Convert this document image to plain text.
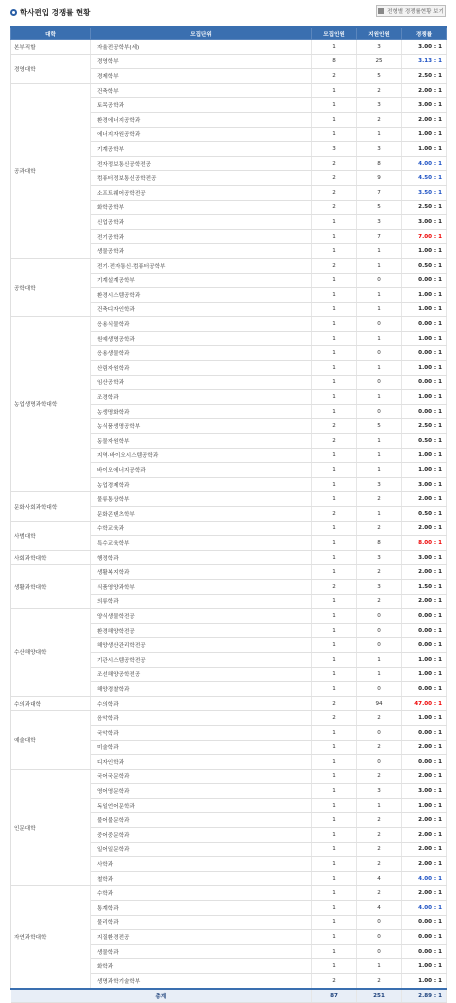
학사편입 경쟁률 현황	전형별 경쟁률현황 보기
대학	모집단위	모집인원	지원인원	경쟁률
본부직할	자율전공학부(세)	1	3	3.00 : 1
경영대학	경영학부	8	25	3.13 : 1
	경제학부	2	5	2.50 : 1
공과대학	건축학부	1	2	2.00 : 1
	토목공학과	1	3	3.00 : 1
	환경에너지공학과	1	2	2.00 : 1
	에너지자원공학과	1	1	1.00 : 1
	기계공학부	3	3	1.00 : 1
	전자정보통신공학전공	2	8	4.00 : 1
	컴퓨터정보통신공학전공	2	9	4.50 : 1
	소프트웨어공학전공	2	7	3.50 : 1
	화학공학부	2	5	2.50 : 1
	신업공학과	1	3	3.00 : 1
	전기공학과	1	7	7.00 : 1
	생물공학과	1	1	1.00 : 1
공학대학	전기·전자통신·컴퓨터공학부	2	1	0.50 : 1
	기계설계공학부	1	0	0.00 : 1
	환경시스템공학과	1	1	1.00 : 1
	건축디자인학과	1	1	1.00 : 1
농업생명과학대학	응용식물학과	1	0	0.00 : 1
	원예생명공학과	1	1	1.00 : 1
	응용생물학과	1	0	0.00 : 1
	산림자원학과	1	1	1.00 : 1
	임산공학과	1	0	0.00 : 1
	조경학과	1	1	1.00 : 1
	농생명화학과	1	0	0.00 : 1
	농식품생명공학부	2	5	2.50 : 1
	동물자원학부	2	1	0.50 : 1
	지역·바이오시스템공학과	1	1	1.00 : 1
	바이오에너지공학과	1	1	1.00 : 1
	농업경제학과	1	3	3.00 : 1
문화사회과학대학	물류통상학부	1	2	2.00 : 1
	문화콘텐츠학부	2	1	0.50 : 1
사범대학	수학교육과	1	2	2.00 : 1
	특수교육학부	1	8	8.00 : 1
사회과학대학	행정학과	1	3	3.00 : 1
생활과학대학	생활복지학과	1	2	2.00 : 1
	식품영양과학부	2	3	1.50 : 1
	의류학과	1	2	2.00 : 1
수산해양대학	양식생물학전공	1	0	0.00 : 1
	환경해양학전공	1	0	0.00 : 1
	해양생산관리학전공	1	0	0.00 : 1
	기관시스템공학전공	1	1	1.00 : 1
	조선해양공학전공	1	1	1.00 : 1
	해양경찰학과	1	0	0.00 : 1
수의과대학	수의학과	2	94	47.00 : 1
예술대학	음악학과	2	2	1.00 : 1
	국악학과	1	0	0.00 : 1
	미술학과	1	2	2.00 : 1
	디자인학과	1	0	0.00 : 1
인문대학	국어국문학과	1	2	2.00 : 1
	영어영문학과	1	3	3.00 : 1
	독일언어문학과	1	1	1.00 : 1
	불어불문학과	1	2	2.00 : 1
	중어중문학과	1	2	2.00 : 1
	일어일문학과	1	2	2.00 : 1
	사학과	1	2	2.00 : 1
	철학과	1	4	4.00 : 1
자연과학대학	수학과	1	2	2.00 : 1
	통계학과	1	4	4.00 : 1
	물리학과	1	0	0.00 : 1
	지질환경전공	1	0	0.00 : 1
	생물학과	1	0	0.00 : 1
	화학과	1	1	1.00 : 1
	생명과학기술학부	2	2	1.00 : 1
총계		87	251	2.89 : 1
